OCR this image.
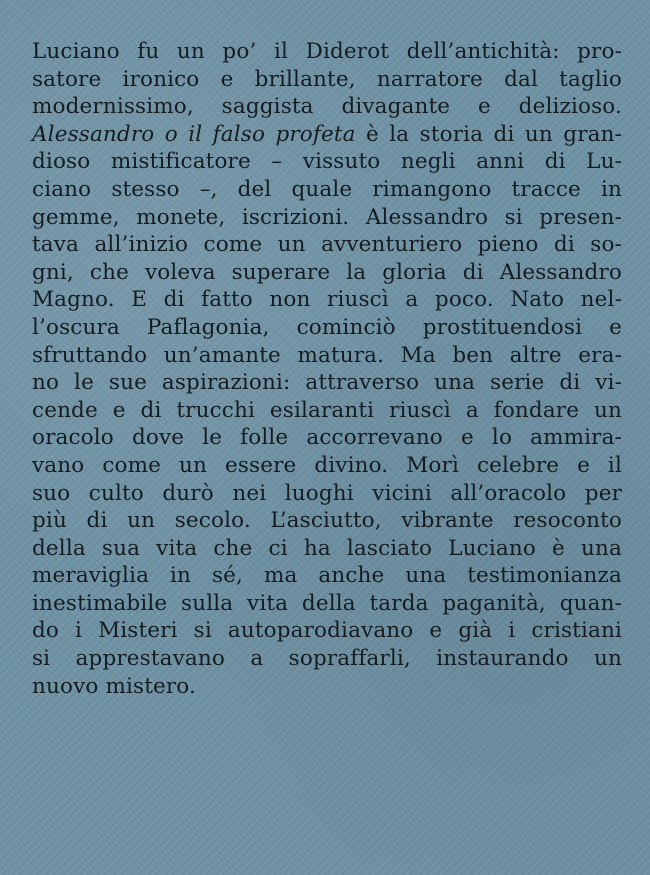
Luciano fu un po’ il Diderot dell’antichità: pro-
satore ironico e brillante, narratore dal taglio
modernissimo, saggista divagante e delizioso.
Alessandro o il falso profeta è la storia di un gran-
dioso mistificatore – vissuto negli anni di Lu-
ciano stesso –, del quale rimangono tracce in
gemme, monete, iscrizioni. Alessandro si presen-
tava all’inizio come un avventuriero pieno di so-
gni, che voleva superare la gloria di Alessandro
Magno. E di fatto non riuscì a poco. Nato nel-
l’oscura Paflagonia, cominciò prostituendosi e
sfruttando un’amante matura. Ma ben altre era-
no le sue aspirazioni: attraverso una serie di vi-
cende e di trucchi esilaranti riuscì a fondare un
oracolo dove le folle accorrevano e lo ammira-
vano come un essere divino. Morì celebre e il
suo culto durò nei luoghi vicini all’oracolo per
più di un secolo. L’asciutto, vibrante resoconto
della sua vita che ci ha lasciato Luciano è una
meraviglia in sé, ma anche una testimonianza
inestimabile sulla vita della tarda paganità, quan-
do i Misteri si autoparodiavano e già i cristiani
si apprestavano a sopraffarli, instaurando un
nuovo mistero.
